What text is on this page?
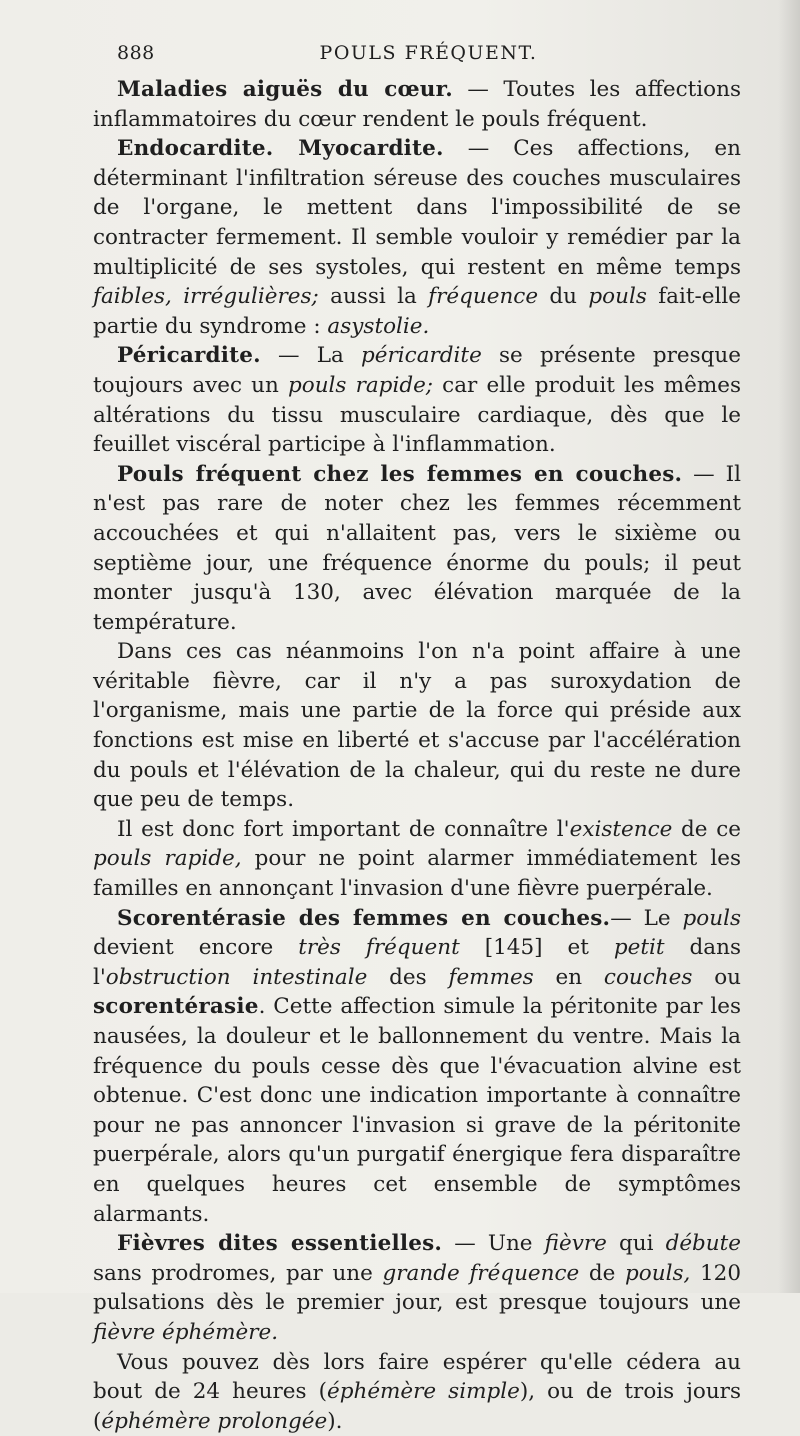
888	POULS FRÉQUENT.

Maladies aiguës du cœur. — Toutes les affections inflammatoires du cœur rendent le pouls fréquent.

Endocardite. Myocardite. — Ces affections, en déterminant l'infiltration séreuse des couches musculaires de l'organe, le mettent dans l'impossibilité de se contracter fermement. Il semble vouloir y remédier par la multiplicité de ses systoles, qui restent en même temps faibles, irrégulières; aussi la fréquence du pouls fait-elle partie du syndrome : asystolie.

Péricardite. — La péricardite se présente presque toujours avec un pouls rapide; car elle produit les mêmes altérations du tissu musculaire cardiaque, dès que le feuillet viscéral participe à l'inflammation.

Pouls fréquent chez les femmes en couches. — Il n'est pas rare de noter chez les femmes récemment accouchées et qui n'allaitent pas, vers le sixième ou septième jour, une fréquence énorme du pouls; il peut monter jusqu'à 130, avec élévation marquée de la température.

Dans ces cas néanmoins l'on n'a point affaire à une véritable fièvre, car il n'y a pas suroxydation de l'organisme, mais une partie de la force qui préside aux fonctions est mise en liberté et s'accuse par l'accélération du pouls et l'élévation de la chaleur, qui du reste ne dure que peu de temps.

Il est donc fort important de connaître l'existence de ce pouls rapide, pour ne point alarmer immédiatement les familles en annonçant l'invasion d'une fièvre puerpérale.

Scorentérasie des femmes en couches.— Le pouls devient encore très fréquent [145] et petit dans l'obstruction intestinale des femmes en couches ou scorentérasie. Cette affection simule la péritonite par les nausées, la douleur et le ballonnement du ventre. Mais la fréquence du pouls cesse dès que l'évacuation alvine est obtenue. C'est donc une indication importante à connaître pour ne pas annoncer l'invasion si grave de la péritonite puerpérale, alors qu'un purgatif énergique fera disparaître en quelques heures cet ensemble de symptômes alarmants.

Fièvres dites essentielles. — Une fièvre qui débute sans prodromes, par une grande fréquence de pouls, 120 pulsations dès le premier jour, est presque toujours une fièvre éphémère.

Vous pouvez dès lors faire espérer qu'elle cédera au bout de 24 heures (éphémère simple), ou de trois jours (éphémère prolongée).
